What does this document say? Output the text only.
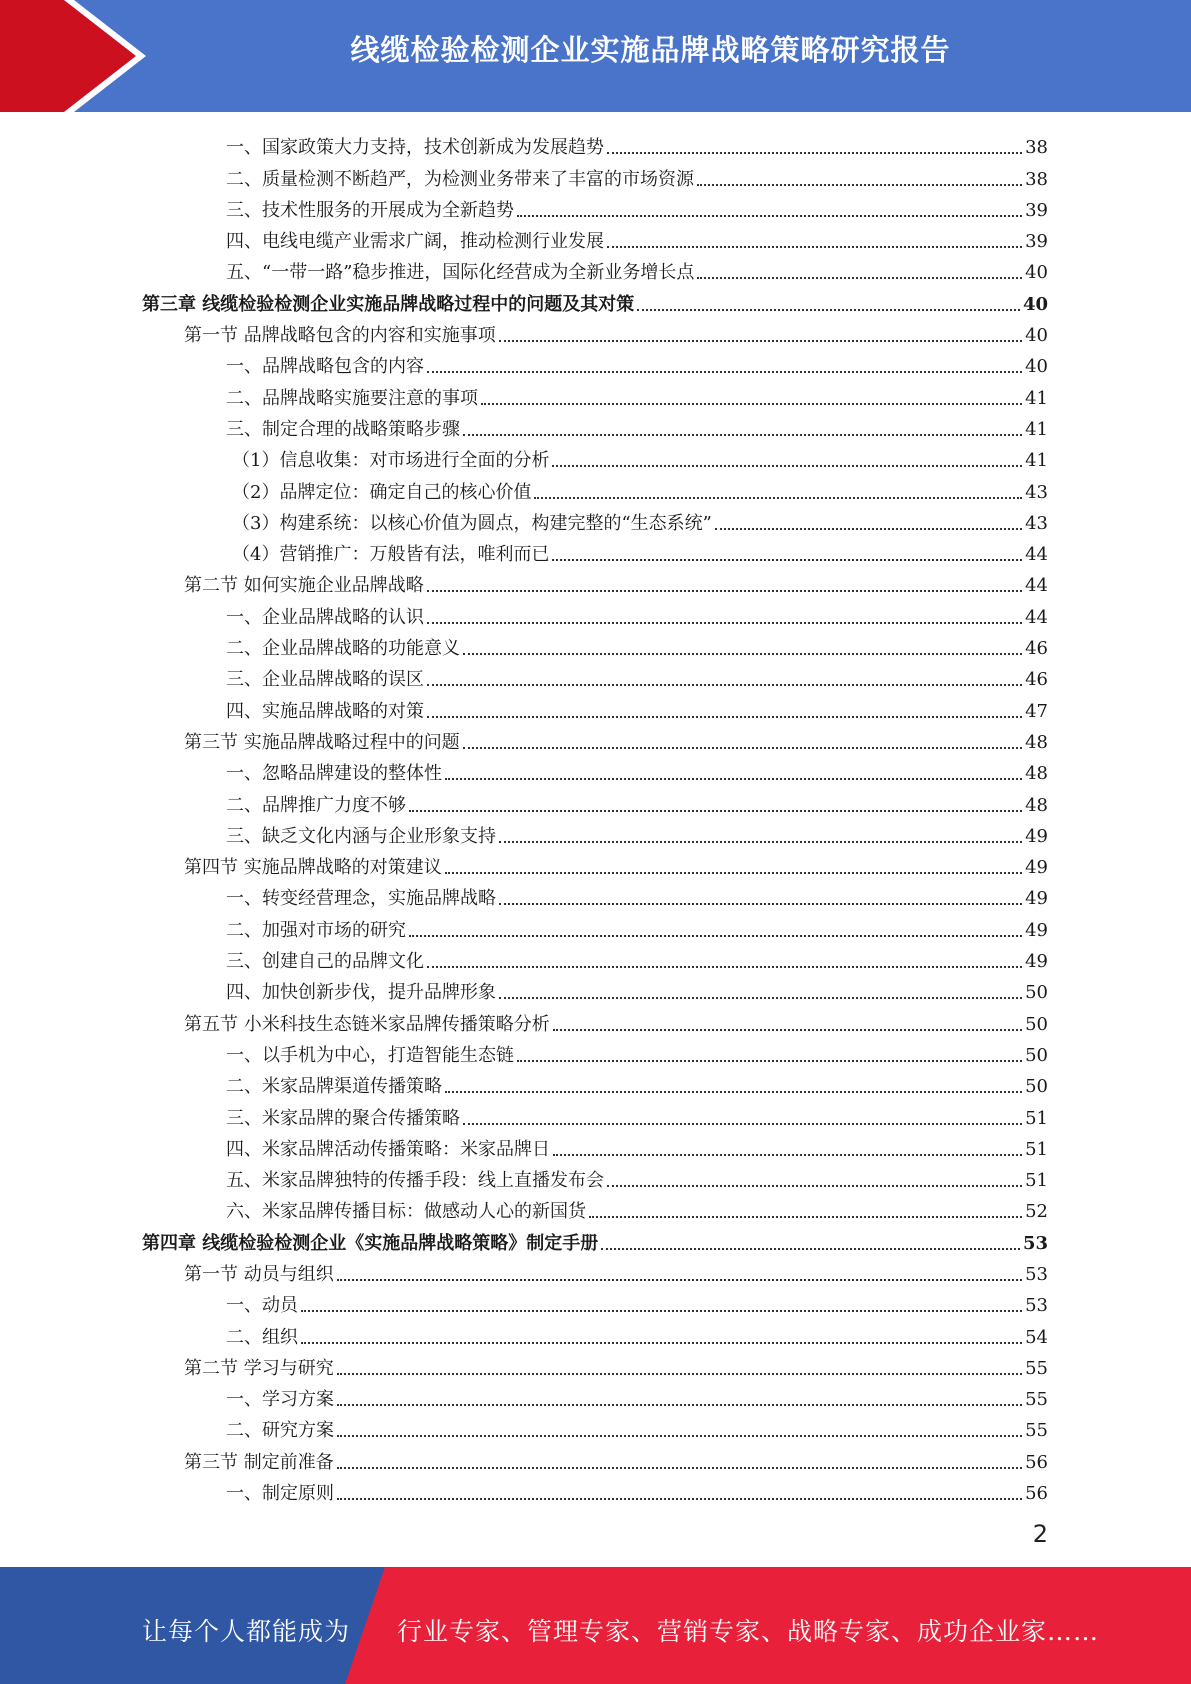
线缆检验检测企业实施品牌战略策略研究报告
一、国家政策大力支持，技术创新成为发展趋势	38
二、质量检测不断趋严，为检测业务带来了丰富的市场资源	38
三、技术性服务的开展成为全新趋势	39
四、电线电缆产业需求广阔，推动检测行业发展	39
五、“一带一路”稳步推进，国际化经营成为全新业务增长点	40
第三章 线缆检验检测企业实施品牌战略过程中的问题及其对策	40
第一节 品牌战略包含的内容和实施事项	40
一、品牌战略包含的内容	40
二、品牌战略实施要注意的事项	41
三、制定合理的战略策略步骤	41
（1）信息收集：对市场进行全面的分析	41
（2）品牌定位：确定自己的核心价值	43
（3）构建系统：以核心价值为圆点，构建完整的“生态系统”	43
（4）营销推广：万般皆有法，唯利而已	44
第二节 如何实施企业品牌战略	44
一、企业品牌战略的认识	44
二、企业品牌战略的功能意义	46
三、企业品牌战略的误区	46
四、实施品牌战略的对策	47
第三节 实施品牌战略过程中的问题	48
一、忽略品牌建设的整体性	48
二、品牌推广力度不够	48
三、缺乏文化内涵与企业形象支持	49
第四节 实施品牌战略的对策建议	49
一、转变经营理念，实施品牌战略	49
二、加强对市场的研究	49
三、创建自己的品牌文化	49
四、加快创新步伐，提升品牌形象	50
第五节 小米科技生态链米家品牌传播策略分析	50
一、以手机为中心，打造智能生态链	50
二、米家品牌渠道传播策略	50
三、米家品牌的聚合传播策略	51
四、米家品牌活动传播策略：米家品牌日	51
五、米家品牌独特的传播手段：线上直播发布会	51
六、米家品牌传播目标：做感动人心的新国货	52
第四章 线缆检验检测企业《实施品牌战略策略》制定手册	53
第一节 动员与组织	53
一、动员	53
二、组织	54
第二节 学习与研究	55
一、学习方案	55
二、研究方案	55
第三节 制定前准备	56
一、制定原则	56
2
让每个人都能成为 行业专家、管理专家、营销专家、战略专家、成功企业家……
